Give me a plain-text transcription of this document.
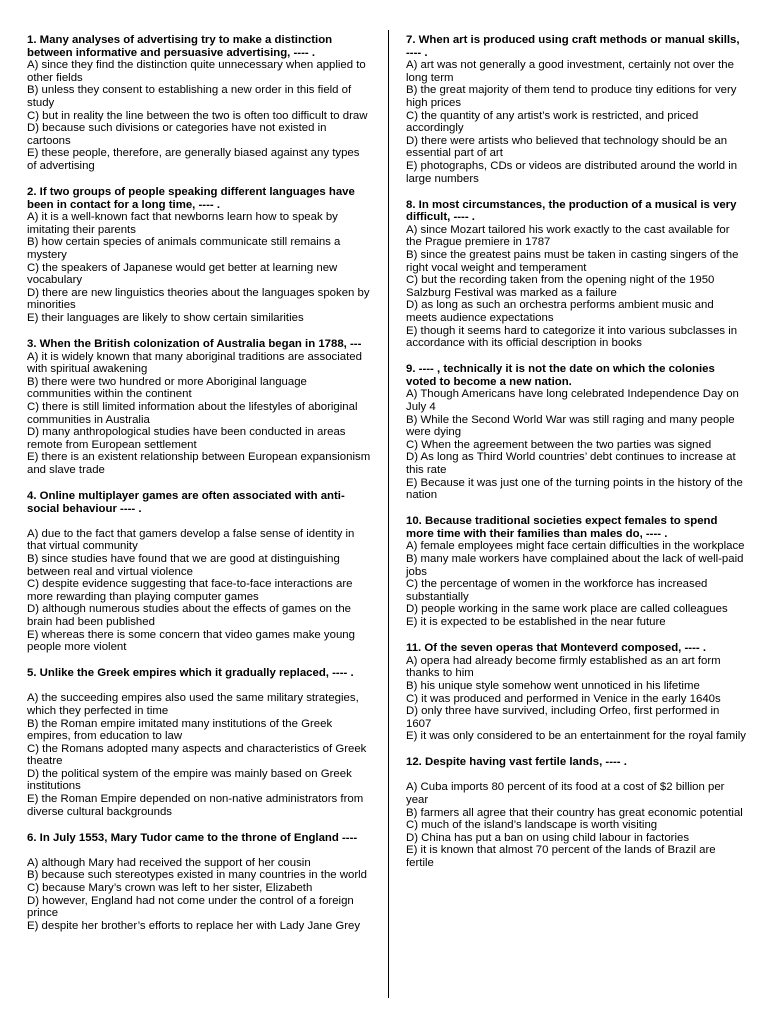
1. Many analyses of advertising try to make a distinction between informative and persuasive advertising, ---- .
A) since they find the distinction quite unnecessary when applied to other fields
B) unless they consent to establishing a new order in this field of study
C) but in reality the line between the two is often too difficult to draw
D) because such divisions or categories have not existed in cartoons
E) these people, therefore, are generally biased against any types of advertising
2. If two groups of people speaking different languages have been in contact for a long time, ---- .
A) it is a well-known fact that newborns learn how to speak by imitating their parents
B) how certain species of animals communicate still remains a mystery
C) the speakers of Japanese would get better at learning new vocabulary
D) there are new linguistics theories about the languages spoken by minorities
E) their languages are likely to show certain similarities
3. When the British colonization of Australia began in 1788, ---
A) it is widely known that many aboriginal traditions are associated with spiritual awakening
B) there were two hundred or more Aboriginal language communities within the continent
C) there is still limited information about the lifestyles of aboriginal communities in Australia
D) many anthropological studies have been conducted in areas remote from European settlement
E) there is an existent relationship between European expansionism and slave trade
4. Online multiplayer games are often associated with anti-social behaviour ---- .
A) due to the fact that gamers develop a false sense of identity in that virtual community
B) since studies have found that we are good at distinguishing between real and virtual violence
C) despite evidence suggesting that face-to-face interactions are more rewarding than playing computer games
D) although numerous studies about the effects of games on the brain had been published
E) whereas there is some concern that video games make young people more violent
5. Unlike the Greek empires which it gradually replaced, ---- .
A) the succeeding empires also used the same military strategies, which they perfected in time
B) the Roman empire imitated many institutions of the Greek empires, from education to law
C) the Romans adopted many aspects and characteristics of Greek theatre
D) the political system of the empire was mainly based on Greek institutions
E) the Roman Empire depended on non-native administrators from diverse cultural backgrounds
6. In July 1553, Mary Tudor came to the throne of England ----
A) although Mary had received the support of her cousin
B) because such stereotypes existed in many countries in the world
C) because Mary’s crown was left to her sister, Elizabeth
D) however, England had not come under the control of a foreign prince
E) despite her brother’s efforts to replace her with Lady Jane Grey
7. When art is produced using craft methods or manual skills, ---- .
A) art was not generally a good investment, certainly not over the long term
B) the great majority of them tend to produce tiny editions for very high prices
C) the quantity of any artist’s work is restricted, and priced accordingly
D) there were artists who believed that technology should be an essential part of art
E) photographs, CDs or videos are distributed around the world in large numbers
8. In most circumstances, the production of a musical is very difficult, ---- .
A) since Mozart tailored his work exactly to the cast available for the Prague premiere in 1787
B) since the greatest pains must be taken in casting singers of the right vocal weight and temperament
C) but the recording taken from the opening night of the 1950 Salzburg Festival was marked as a failure
D) as long as such an orchestra performs ambient music and meets audience expectations
E) though it seems hard to categorize it into various subclasses in accordance with its official description in books
9. ---- , technically it is not the date on which the colonies voted to become a new nation.
A) Though Americans have long celebrated Independence Day on July 4
B) While the Second World War was still raging and many people were dying
C) When the agreement between the two parties was signed
D) As long as Third World countries’ debt continues to increase at this rate
E) Because it was just one of the turning points in the history of the nation
10. Because traditional societies expect females to spend more time with their families than males do, ---- .
A) female employees might face certain difficulties in the workplace
B) many male workers have complained about the lack of well-paid jobs
C) the percentage of women in the workforce has increased substantially
D) people working in the same work place are called colleagues
E) it is expected to be established in the near future
11. Of the seven operas that Monteverd composed, ---- .
A) opera had already become firmly established as an art form thanks to him
B) his unique style somehow went unnoticed in his lifetime
C) it was produced and performed in Venice in the early 1640s
D) only three have survived, including Orfeo, first performed in 1607
E) it was only considered to be an entertainment for the royal family
12. Despite having vast fertile lands, ---- .
A) Cuba imports 80 percent of its food at a cost of $2 billion per year
B) farmers all agree that their country has great economic potential
C) much of the island’s landscape is worth visiting
D) China has put a ban on using child labour in factories
E) it is known that almost 70 percent of the lands of Brazil are fertile
